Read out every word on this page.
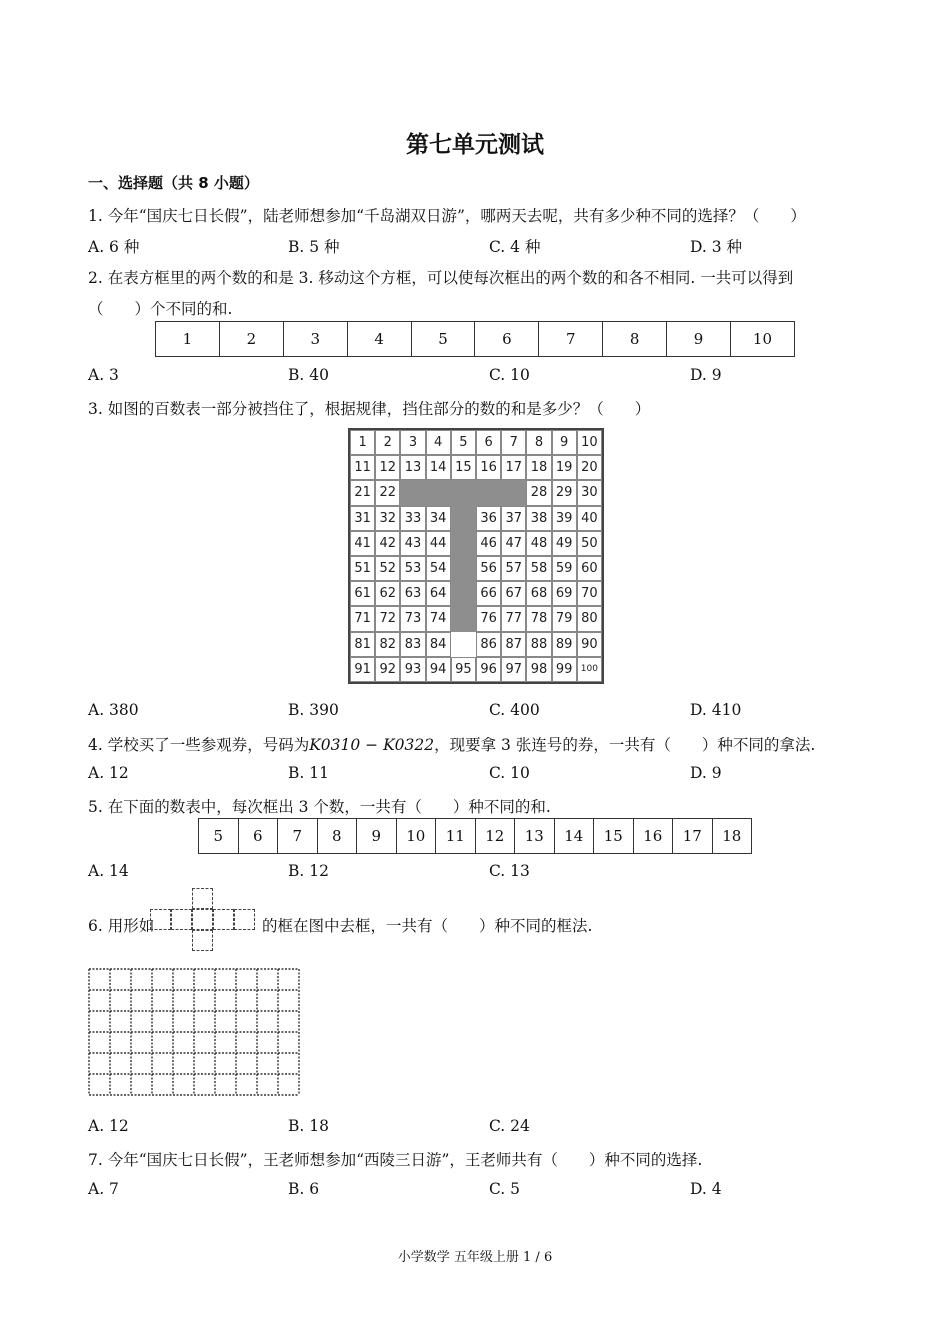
第七单元测试
一、选择题（共 8 小题）
1. 今年“国庆七日长假”，陆老师想参加“千岛湖双日游”，哪两天去呢，共有多少种不同的选择？（　　）
A. 6 种	B. 5 种	C. 4 种	D. 3 种
2. 在表方框里的两个数的和是 3. 移动这个方框，可以使每次框出的两个数的和各不相同. 一共可以得到
（　　）个不同的和.
1	2	3	4	5	6	7	8	9	10
A. 3	B. 40	C. 10	D. 9
3. 如图的百数表一部分被挡住了，根据规律，挡住部分的数的和是多少？（　　）
1	2	3	4	5	6	7	8	9 10
11 12 13 14 15 16 17 18 19 20
21 22	28 29 30
31 32 33 34	36 37 38 39 40
41 42 43 44	46 47 48 49 50
51 52 53 54	56 57 58 59 60
61 62 63 64	66 67 68 69 70
71 72 73 74	76 77 78 79 80
81 82 83 84	86 87 88 89 90
91 92 93 94 95 96 97 98 99 100
A. 380	B. 390	C. 400	D. 410
4. 学校买了一些参观券，号码为K0310 − K0322，现要拿 3 张连号的券，一共有（　　）种不同的拿法.
A. 12	B. 11	C. 10	D. 9
5. 在下面的数表中，每次框出 3 个数，一共有（　　）种不同的和.
5	6	7	8	9	10	11	12	13	14	15	16	17	18
A. 14	B. 12	C. 13
6. 用形如	的框在图中去框，一共有（　　）种不同的框法.
A. 12	B. 18	C. 24
7. 今年“国庆七日长假”，王老师想参加“西陵三日游”，王老师共有（　　）种不同的选择.
A. 7	B. 6	C. 5	D. 4
小学数学 五年级上册 1 / 6
